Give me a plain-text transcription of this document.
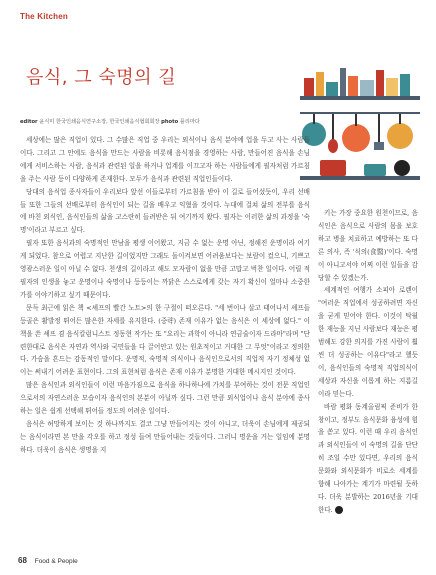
The Kitchen
음식, 그 숙명의 길
editor 윤식미 한국인쇄음식연구소장, 한국인쇄음식협회회장 photo 플리마다

세상에는 많은 직업이 있다. 그 수많은 직업 중 우리는 외식이나 음식 분야에 업을 두고 사는 사람들이다. 그리고 그 안에도 음식을 만드는 사람을 비롯해 음식점을 경영하는 사람, 만들어진 음식을 손님에게 서비스하는 사람, 음식과 관련된 일을 하거나 업계를 이끄고자 하는 사람들에게 필자처럼 가르침을 주는 사람 등이 다양하게 존재한다. 모두가 음식과 관련된 직업인들이다.

당대의 음식업 종사자들이 우리보다 앞선 이들로부터 가르침을 받아 이 길로 들어섰듯이, 우리 선배들 또한 그들의 선배로부터 음식인이 되는 길을 배우고 익혔을 것이다. 누대에 걸쳐 삶의 전부를 음식에 바친 외식인, 음식인들의 삶을 고스란히 들려받은 뒤 여기까지 왔다. 필자는 이러한 삶의 과정을 '숙명'이라고 부르고 싶다.

필자 또한 음식과의 숙명적인 만남을 평생 이어왔고, 지금 수 없는 운명 아닌, 정해진 운명이라 여기게 되었다. 참으로 어렵고 지난한 길이었지만 그래도 돌이켜보면 어려움보다는 보람이 컸으니, 기쁘고 영광스러운 일이 아닐 수 없다. 천생의 길이라고 해도 모자람이 없을 만큼 고맙고 벅찬 일이다. 어릴 적 필자의 인생을 놓고 운명이나 숙명이나 등등이는 까닭은 스스로에게 갖는 자기 확신이 얼마나 소중한가를 이야기하고 싶기 때문이다.

문득 최근에 읽은 책 <셰프의 빨간 노트>의 한 구절이 떠오른다. "세 번이나 살고 태어나서 셰프들 등골은 활발정 뛰어든 많은한 자세를 유지한다. (중략) 존재 이유가 없는 음식은 이 세상에 없다." 이 책을 쓴 셰프 겸 음식칼럼니스트 정동현 작가는 또 "요리는 과학이 아니라 연금술이자 드라마"라며 "단련한대로 음식은 자연과 역사와 국민들을 다 끌어안고 있는 원초적이고 거대한 그 무엇"이라고 정의한다. 가슴을 흔드는 감동적인 말이다. 운명적, 숙명적 의식이나 음식인으로서의 직업적 자기 정체성 없이는 써내기 어려운 표현이다. 그의 표현처럼 음식은 존재 이유가 분명한 거대한 메시지인 것이다.

많은 음식인과 외식인들이 이런 마음가짐으로 음식을 하나하나에 가치를 부여하는 것이 전문 직업인으로서의 자연스러운 모습이자 음식인의 본분이 아닐까 싶다. 그런 만큼 외식업이나 음식 분야에 종사하는 일은 쉽게 선택해 뛰어들 정도의 어려운 일이다.

음식은 허망하게 보이는 것 하나까지도 결코 그냥 만들어지는 것이 아니고, 더욱이 손님에게 제공되는 음식이라면 본 만을 각오를 하고 정성 들여 만들어내는 것들이다. 그러니 명운을 거는 일임에 분명하다. 더욱이 음식은 생명을 지

키는 가장 중요한 원천이므로, 음식인은 음식으로 사람의 몸을 보호하고 병을 치료하고 예방하는 또 다른 의사, 즉 '식의(食醫)'이다. 숙명이 아니고서야 어찌 이런 일들을 감당할 수 있겠는가.

세계적인 여행가 소피아 로렌이 "여러운 직업에서 성공하려면 자신을 굳게 믿어야 한다. 이것이 탁월한 재능을 지닌 사람보다 재능은 평범해도 강한 의지를 가진 사람이 훨씬 더 성공하는 이유다"라고 했듯이, 음식인들의 숙명적 직업의식이 세상과 자신을 이롭게 하는 지름길이라 믿는다.

바람 평화 동계올림픽 준비가 한창이고, 정부도 음식문화 융성에 힘을 쏟고 있다. 이런 때 우리 음식인과 외식인들이 이 숙명의 길을 단단히 조일 수만 있다면, 우리의 음식문화와 외식문화가 비로소 세계를 향해 나아가는 계기가 마련될 듯하다. 더욱 분발하는 2016년을 기대한다.

68 Food & People
